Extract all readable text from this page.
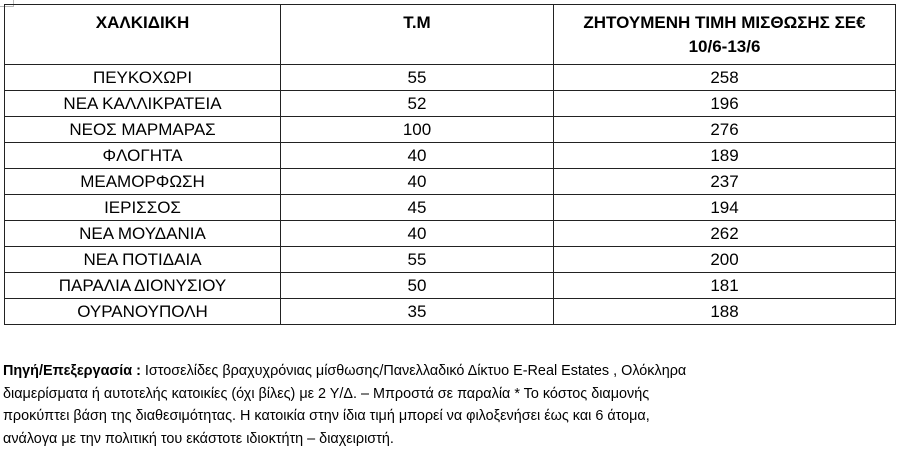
ΧΑΛΚΙΔΙΚΗ	Τ.Μ	ΖΗΤΟΥΜΕΝΗ ΤΙΜΗ ΜΙΣΘΩΣΗΣ ΣΕ€
10/6-13/6

ΠΕΥΚΟΧΩΡΙ	55	258
ΝΕΑ ΚΑΛΛΙΚΡΑΤΕΙΑ	52	196
ΝΕΟΣ ΜΑΡΜΑΡΑΣ	100	276
ΦΛΟΓΗΤΑ	40	189
ΜΕΑΜΟΡΦΩΣΗ	40	237
ΙΕΡΙΣΣΟΣ	45	194
ΝΕΑ ΜΟΥΔΑΝΙΑ	40	262
ΝΕΑ ΠΟΤΙΔΑΙΑ	55	200
ΠΑΡΑΛΙΑ ΔΙΟΝΥΣΙΟΥ	50	181
ΟΥΡΑΝΟΥΠΟΛΗ	35	188
Πηγή/Επεξεργασία : Ιστοσελίδες βραχυχρόνιας μίσθωσης/Πανελλαδικό Δίκτυο E-Real Estates , Ολόκληρα
διαμερίσματα ή αυτοτελής κατοικίες (όχι βίλες) με 2 Υ/Δ. – Μπροστά σε παραλία * Το κόστος διαμονής
προκύπτει βάση της διαθεσιμότητας. Η κατοικία στην ίδια τιμή μπορεί να φιλοξενήσει έως και 6 άτομα,
ανάλογα με την πολιτική του εκάστοτε ιδιοκτήτη – διαχειριστή.
